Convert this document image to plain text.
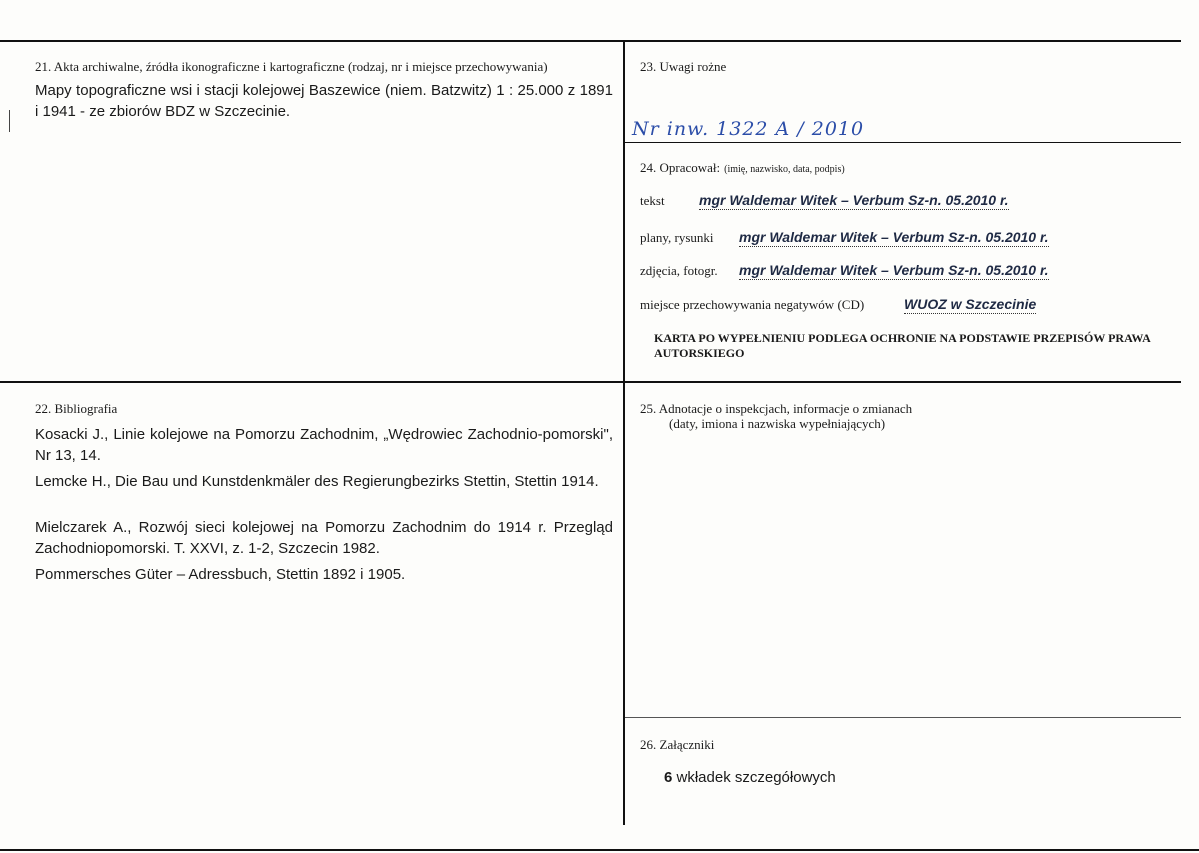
21. Akta archiwalne, źródła ikonograficzne i kartograficzne (rodzaj, nr i miejsce przechowywania)
Mapy topograficzne wsi i stacji kolejowej Baszewice (niem. Batzwitz) 1 : 25.000 z 1891 i 1941 - ze zbiorów BDZ w Szczecinie.
23. Uwagi rożne
Nr inw. 1322 A / 2010
24. Opracował: (imię, nazwisko, data, podpis)
tekst mgr Waldemar Witek – Verbum Sz-n. 05.2010 r.
plany, rysunki mgr Waldemar Witek – Verbum Sz-n. 05.2010 r.
zdjęcia, fotogr. mgr Waldemar Witek – Verbum Sz-n. 05.2010 r.
miejsce przechowywania negatywów (CD)	WUOZ w Szczecinie
KARTA PO WYPEŁNIENIU PODLEGA OCHRONIE NA PODSTAWIE PRZEPISÓW PRAWA AUTORSKIEGO
22. Bibliografia
Kosacki J., Linie kolejowe na Pomorzu Zachodnim, „Wędrowiec Zachodnio-pomorski", Nr 13, 14.
Lemcke H., Die Bau und Kunstdenkmäler des Regierungbezirks Stettin, Stettin 1914.
Mielczarek A., Rozwój sieci kolejowej na Pomorzu Zachodnim do 1914 r. Przegląd Zachodniopomorski. T. XXVI, z. 1-2, Szczecin 1982.
Pommersches Güter – Adressbuch, Stettin 1892 i 1905.
25. Adnotacje o inspekcjach, informacje o zmianach
(daty, imiona i nazwiska wypełniających)
26. Załączniki
6 wkładek szczegółowych
